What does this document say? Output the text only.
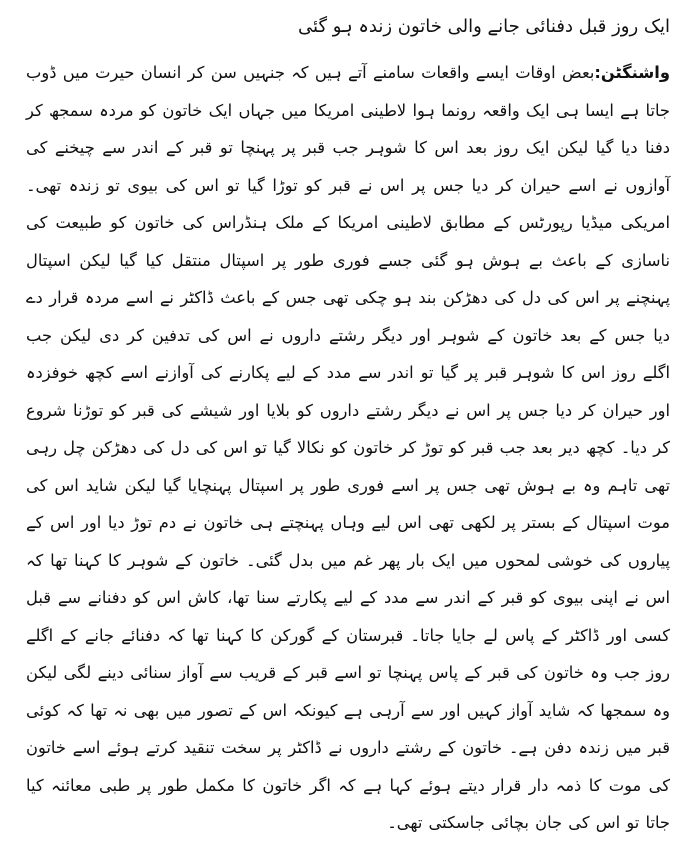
ایک روز قبل دفنائی جانے والی خاتون زندہ ہو گئی

واشنگٹن:بعض اوقات ایسے واقعات سامنے آتے ہیں کہ جنہیں سن کر انسان حیرت میں ڈوب جاتا ہے ایسا ہی ایک واقعہ رونما ہوا لاطینی امریکا میں جہاں ایک خاتون کو مردہ سمجھ کر دفنا دیا گیا لیکن ایک روز بعد اس کا شوہر جب قبر پر پہنچا تو قبر کے اندر سے چیخنے کی آوازوں نے اسے حیران کر دیا جس پر اس نے قبر کو توڑا گیا تو اس کی بیوی تو زندہ تھی۔ امریکی میڈیا رپورٹس کے مطابق لاطینی امریکا کے ملک ہنڈراس کی خاتون کو طبیعت کی ناسازی کے باعث بے ہوش ہو گئی جسے فوری طور پر اسپتال منتقل کیا گیا لیکن اسپتال پہنچنے پر اس کی دل کی دھڑکن بند ہو چکی تھی جس کے باعث ڈاکٹر نے اسے مردہ قرار دے دیا جس کے بعد خاتون کے شوہر اور دیگر رشتے داروں نے اس کی تدفین کر دی لیکن جب اگلے روز اس کا شوہر قبر پر گیا تو اندر سے مدد کے لیے پکارنے کی آوازنے اسے کچھ خوفزدہ اور حیران کر دیا جس پر اس نے دیگر رشتے داروں کو بلایا اور شیشے کی قبر کو توڑنا شروع کر دیا۔ کچھ دیر بعد جب قبر کو توڑ کر خاتون کو نکالا گیا تو اس کی دل کی دھڑکن چل رہی تھی تاہم وہ بے ہوش تھی جس پر اسے فوری طور پر اسپتال پہنچایا گیا لیکن شاید اس کی موت اسپتال کے بستر پر لکھی تھی اس لیے وہاں پہنچتے ہی خاتون نے دم توڑ دیا اور اس کے پیاروں کی خوشی لمحوں میں ایک بار پھر غم میں بدل گئی۔ خاتون کے شوہر کا کہنا تھا کہ اس نے اپنی بیوی کو قبر کے اندر سے مدد کے لیے پکارتے سنا تھا، کاش اس کو دفنانے سے قبل کسی اور ڈاکٹر کے پاس لے جایا جاتا۔ قبرستان کے گورکن کا کہنا تھا کہ دفنائے جانے کے اگلے روز جب وہ خاتون کی قبر کے پاس پہنچا تو اسے قبر کے قریب سے آواز سنائی دینے لگی لیکن وہ سمجھا کہ شاید آواز کہیں اور سے آرہی ہے کیونکہ اس کے تصور میں بھی نہ تھا کہ کوئی قبر میں زندہ دفن ہے۔ خاتون کے رشتے داروں نے ڈاکٹر پر سخت تنقید کرتے ہوئے اسے خاتون کی موت کا ذمہ دار قرار دیتے ہوئے کہا ہے کہ اگر خاتون کا مکمل طور پر طبی معائنہ کیا جاتا تو اس کی جان بچائی جاسکتی تھی۔
